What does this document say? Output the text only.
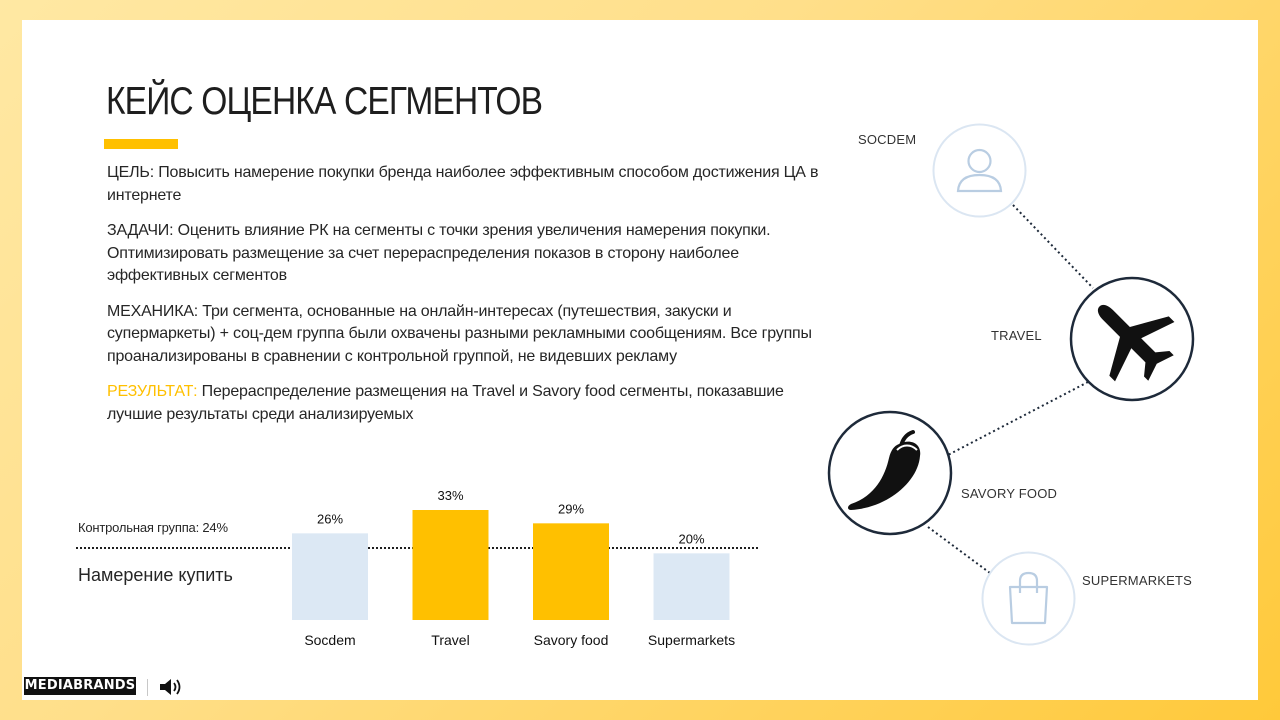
КЕЙС ОЦЕНКА СЕГМЕНТОВ

ЦЕЛЬ: Повысить намерение покупки бренда наиболее эффективным способом достижения ЦА в интернете

ЗАДАЧИ: Оценить влияние РК на сегменты с точки зрения увеличения намерения покупки. Оптимизировать размещение за счет перераспределения показов в сторону наиболее эффективных сегментов

МЕХАНИКА: Три сегмента, основанные на онлайн-интересах (путешествия, закуски и супермаркеты) + соц-дем группа были охвачены разными рекламными сообщениям. Все группы проанализированы в сравнении с контрольной группой, не видевших рекламу

РЕЗУЛЬТАТ: Перераспределение размещения на Travel и Savory food сегменты, показавшие лучшие результаты среди анализируемых

Контрольная группа: 24%
Намерение купить
26%
Socdem
33%
Travel
29%
Savory food
20%
Supermarkets
SOCDEM
TRAVEL
SAVORY FOOD
SUPERMARKETS
MEDIABRANDS
